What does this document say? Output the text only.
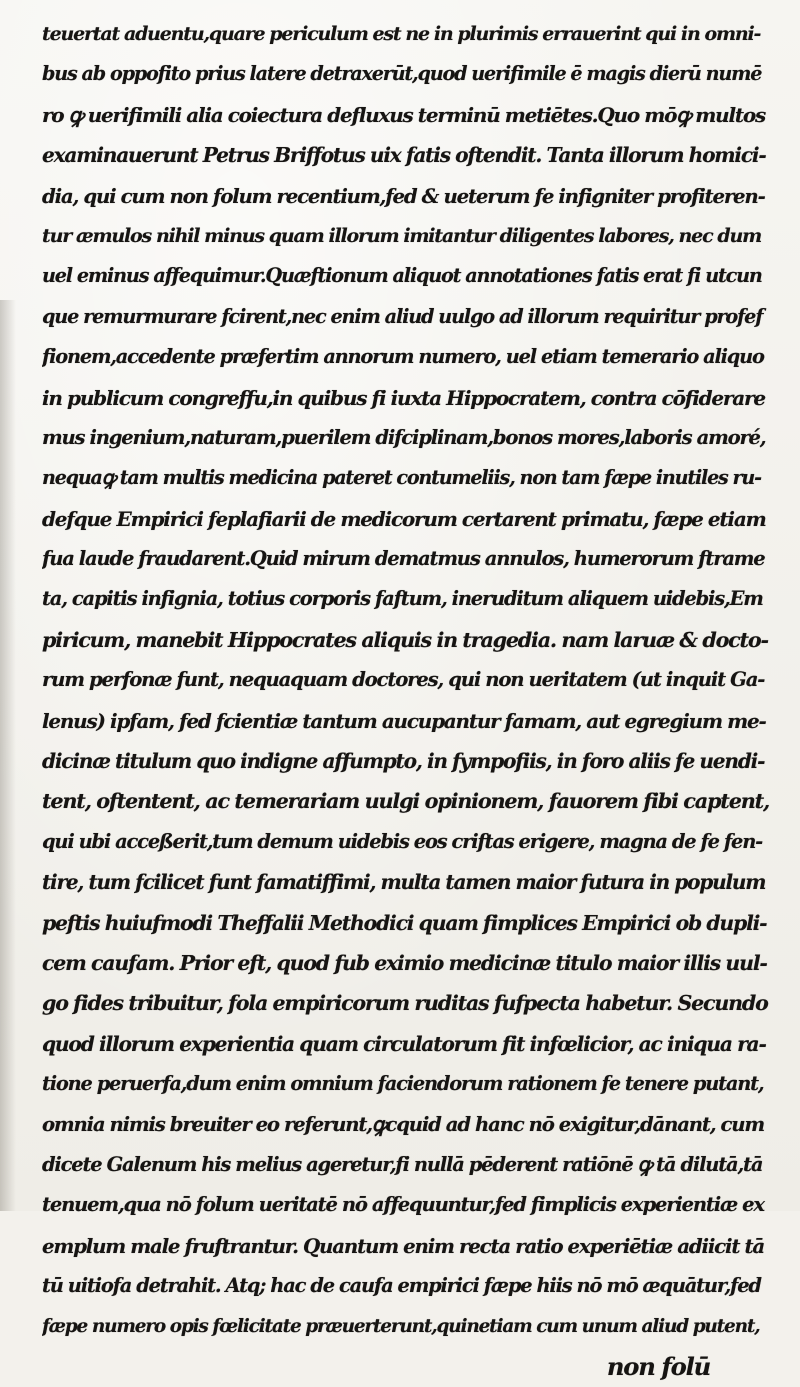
teuertat aduentu,quare periculum est ne in plurimis errauerint qui in omni-
bus ab oppofito prius latere detraxerūt,quod uerifimile ē magis dierū numē
ro ꝙ uerifimili alia coiectura defluxus terminū metiētes.Quo mōꝙ multos
examinauerunt Petrus Briffotus uix fatis oftendit. Tanta illorum homici-
dia, qui cum non folum recentium,fed & ueterum fe infigniter profiteren-
tur æmulos nihil minus quam illorum imitantur diligentes labores, nec dum
uel eminus affequimur.Quæftionum aliquot annotationes fatis erat fi utcun
que remurmurare fcirent,nec enim aliud uulgo ad illorum requiritur profef
fionem,accedente præfertim annorum numero, uel etiam temerario aliquo
in publicum congreffu,in quibus fi iuxta Hippocratem, contra cōfiderare
mus ingenium,naturam,puerilem difciplinam,bonos mores,laboris amoré,
nequaꝙ tam multis medicina pateret contumeliis, non tam fæpe inutiles ru-
defque Empirici feplafiarii de medicorum certarent primatu, fæpe etiam
fua laude fraudarent.Quid mirum dematmus annulos, humerorum ftrame
ta, capitis infignia, totius corporis faftum, ineruditum aliquem uidebis,Em
piricum, manebit Hippocrates aliquis in tragedia. nam laruæ & docto-
rum perfonæ funt, nequaquam doctores, qui non ueritatem (ut inquit Ga-
lenus) ipfam, fed fcientiæ tantum aucupantur famam, aut egregium me-
dicinæ titulum quo indigne affumpto, in fympofiis, in foro aliis fe uendi-
tent, oftentent, ac temerariam uulgi opinionem, fauorem fibi captent,
qui ubi acceßerit,tum demum uidebis eos criftas erigere, magna de fe fen-
tire, tum fcilicet funt famatiffimi, multa tamen maior futura in populum
peftis huiufmodi Theffalii Methodici quam fimplices Empirici ob dupli-
cem caufam. Prior eft, quod fub eximio medicinæ titulo maior illis uul-
go fides tribuitur, fola empiricorum ruditas fufpecta habetur. Secundo
quod illorum experientia quam circulatorum fit infœlicior, ac iniqua ra-
tione peruerfa,dum enim omnium faciendorum rationem fe tenere putant,
omnia nimis breuiter eo referunt,ꝙcquid ad hanc nō exigitur,dānant, cum
dicete Galenum his melius ageretur,fi nullā pēderent ratiōnē ꝙ tā dilutā,tā
tenuem,qua nō folum ueritatē nō affequuntur,fed fimplicis experientiæ ex
emplum male fruftrantur. Quantum enim recta ratio experiētiæ adiicit tā
tū uitiofa detrahit. Atq; hac de caufa empirici fæpe hiis nō mō æquātur,fed
fæpe numero opis fœlicitate præuerterunt,quinetiam cum unum aliud putent,
non folū
